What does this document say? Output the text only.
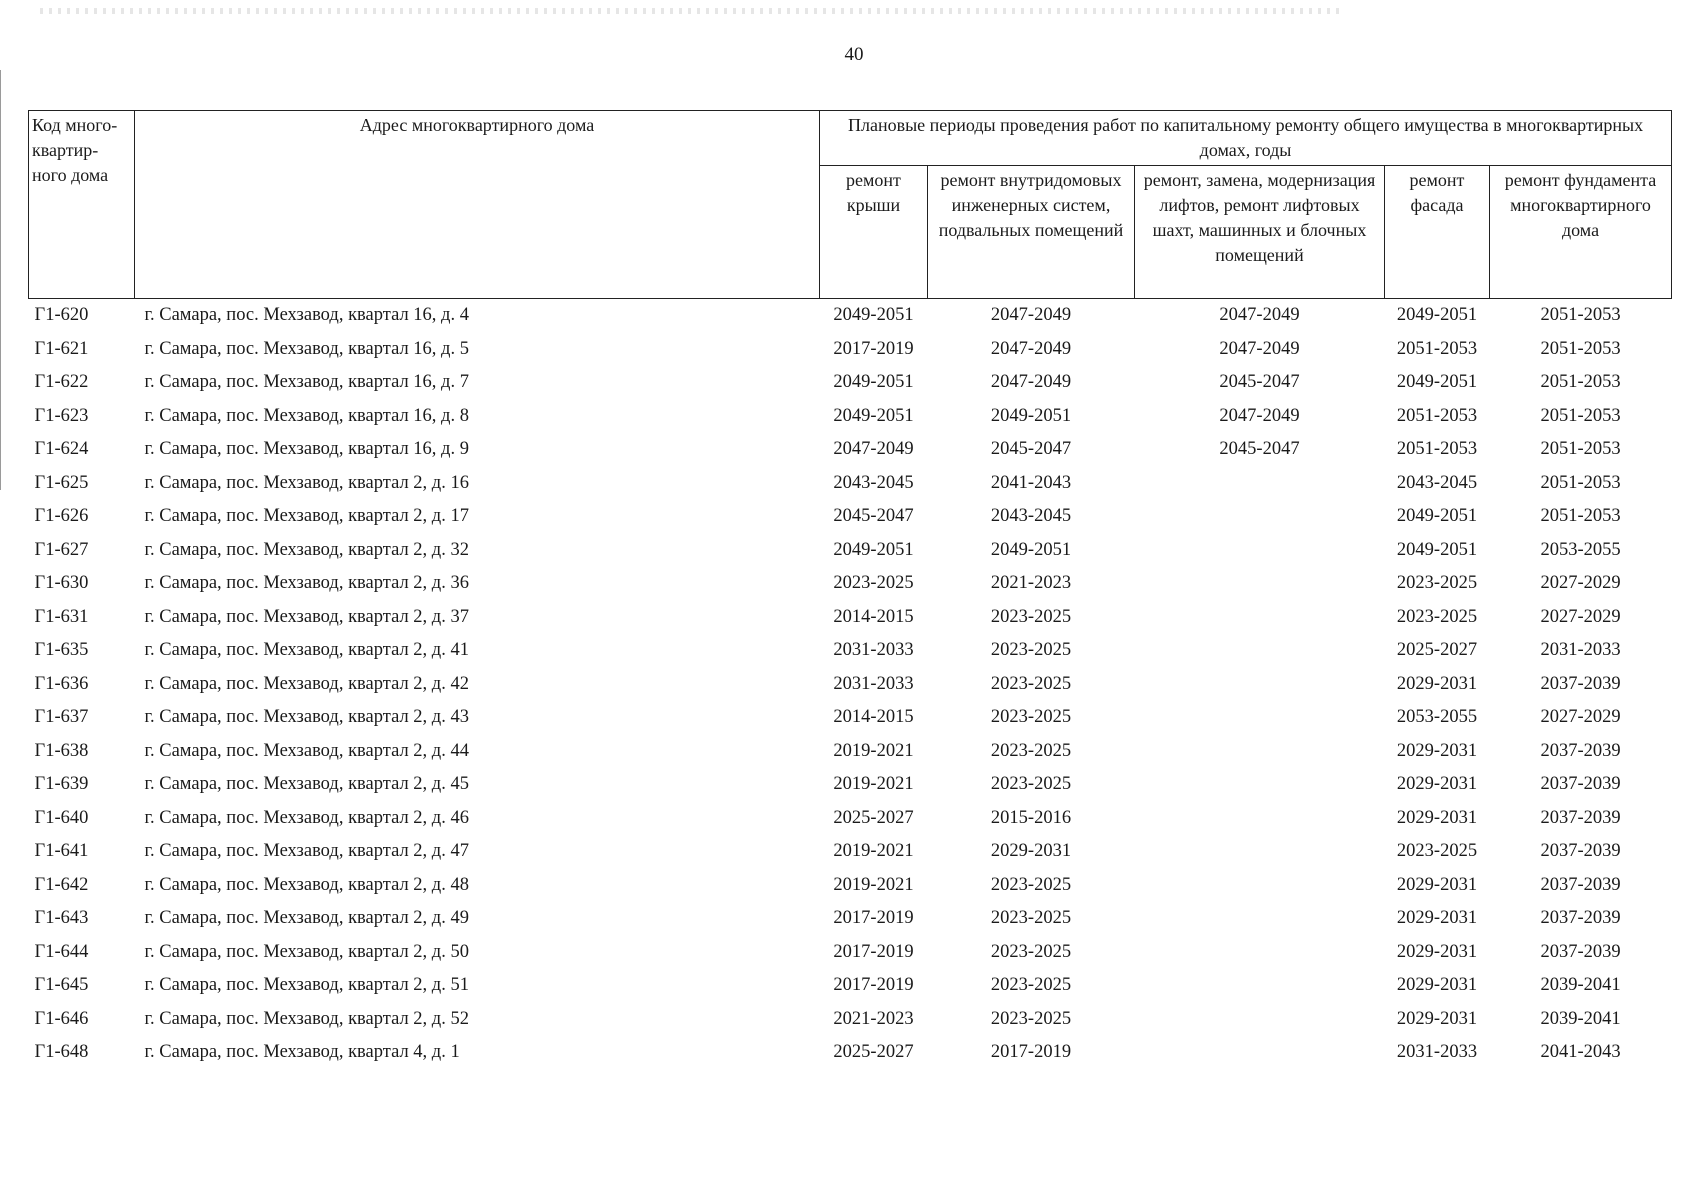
40
Код много-квартир-ного дома	Адрес многоквартирного дома	Плановые периоды проведения работ по капитальному ремонту общего имущества в многоквартирных домах, годы				
		ремонт крыши	ремонт внутридомовых инженерных систем, подвальных помещений	ремонт, замена, модернизация лифтов, ремонт лифтовых шахт, машинных и блочных помещений	ремонт фасада	ремонт фундамента многоквартирного дома
Г1-620	г. Самара, пос. Мехзавод, квартал 16, д. 4	2049-2051	2047-2049	2047-2049	2049-2051	2051-2053
Г1-621	г. Самара, пос. Мехзавод, квартал 16, д. 5	2017-2019	2047-2049	2047-2049	2051-2053	2051-2053
Г1-622	г. Самара, пос. Мехзавод, квартал 16, д. 7	2049-2051	2047-2049	2045-2047	2049-2051	2051-2053
Г1-623	г. Самара, пос. Мехзавод, квартал 16, д. 8	2049-2051	2049-2051	2047-2049	2051-2053	2051-2053
Г1-624	г. Самара, пос. Мехзавод, квартал 16, д. 9	2047-2049	2045-2047	2045-2047	2051-2053	2051-2053
Г1-625	г. Самара, пос. Мехзавод, квартал 2, д. 16	2043-2045	2041-2043		2043-2045	2051-2053
Г1-626	г. Самара, пос. Мехзавод, квартал 2, д. 17	2045-2047	2043-2045		2049-2051	2051-2053
Г1-627	г. Самара, пос. Мехзавод, квартал 2, д. 32	2049-2051	2049-2051		2049-2051	2053-2055
Г1-630	г. Самара, пос. Мехзавод, квартал 2, д. 36	2023-2025	2021-2023		2023-2025	2027-2029
Г1-631	г. Самара, пос. Мехзавод, квартал 2, д. 37	2014-2015	2023-2025		2023-2025	2027-2029
Г1-635	г. Самара, пос. Мехзавод, квартал 2, д. 41	2031-2033	2023-2025		2025-2027	2031-2033
Г1-636	г. Самара, пос. Мехзавод, квартал 2, д. 42	2031-2033	2023-2025		2029-2031	2037-2039
Г1-637	г. Самара, пос. Мехзавод, квартал 2, д. 43	2014-2015	2023-2025		2053-2055	2027-2029
Г1-638	г. Самара, пос. Мехзавод, квартал 2, д. 44	2019-2021	2023-2025		2029-2031	2037-2039
Г1-639	г. Самара, пос. Мехзавод, квартал 2, д. 45	2019-2021	2023-2025		2029-2031	2037-2039
Г1-640	г. Самара, пос. Мехзавод, квартал 2, д. 46	2025-2027	2015-2016		2029-2031	2037-2039
Г1-641	г. Самара, пос. Мехзавод, квартал 2, д. 47	2019-2021	2029-2031		2023-2025	2037-2039
Г1-642	г. Самара, пос. Мехзавод, квартал 2, д. 48	2019-2021	2023-2025		2029-2031	2037-2039
Г1-643	г. Самара, пос. Мехзавод, квартал 2, д. 49	2017-2019	2023-2025		2029-2031	2037-2039
Г1-644	г. Самара, пос. Мехзавод, квартал 2, д. 50	2017-2019	2023-2025		2029-2031	2037-2039
Г1-645	г. Самара, пос. Мехзавод, квартал 2, д. 51	2017-2019	2023-2025		2029-2031	2039-2041
Г1-646	г. Самара, пос. Мехзавод, квартал 2, д. 52	2021-2023	2023-2025		2029-2031	2039-2041
Г1-648	г. Самара, пос. Мехзавод, квартал 4, д. 1	2025-2027	2017-2019		2031-2033	2041-2043
